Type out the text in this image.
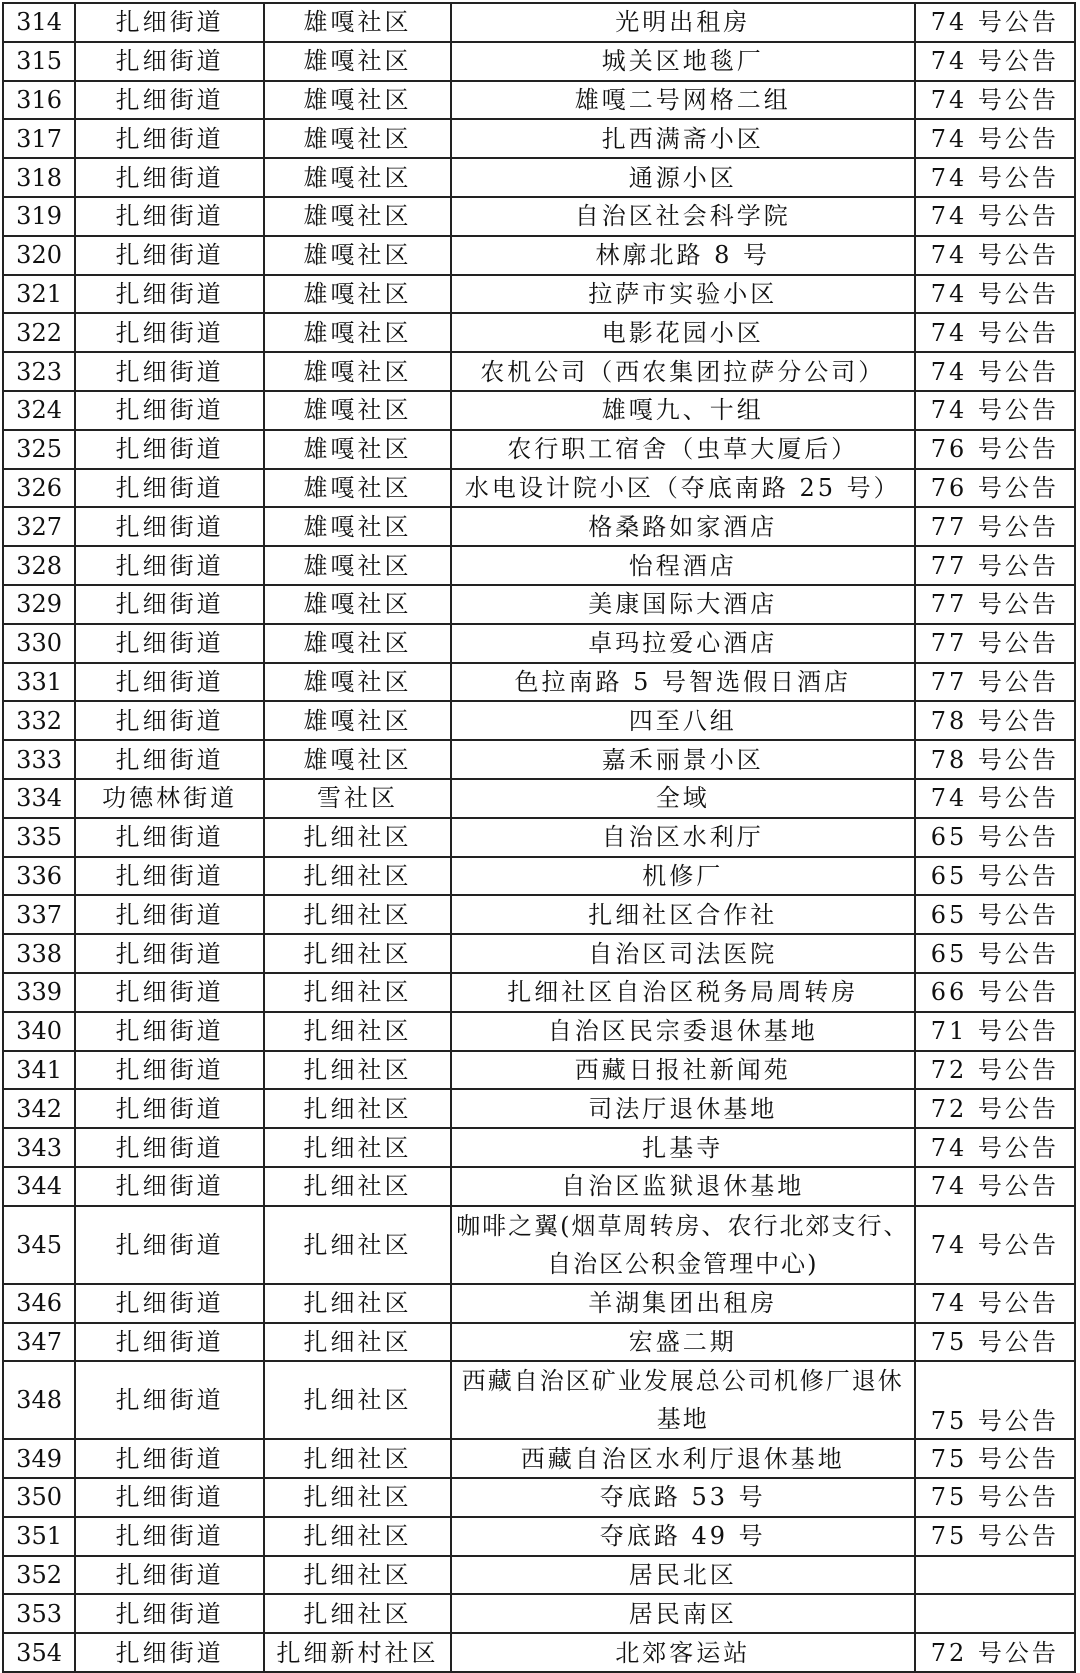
314	扎细街道	雄嘎社区	光明出租房	74 号公告
315	扎细街道	雄嘎社区	城关区地毯厂	74 号公告
316	扎细街道	雄嘎社区	雄嘎二号网格二组	74 号公告
317	扎细街道	雄嘎社区	扎西满斋小区	74 号公告
318	扎细街道	雄嘎社区	通源小区	74 号公告
319	扎细街道	雄嘎社区	自治区社会科学院	74 号公告
320	扎细街道	雄嘎社区	林廓北路 8 号	74 号公告
321	扎细街道	雄嘎社区	拉萨市实验小区	74 号公告
322	扎细街道	雄嘎社区	电影花园小区	74 号公告
323	扎细街道	雄嘎社区	农机公司（西农集团拉萨分公司）	74 号公告
324	扎细街道	雄嘎社区	雄嘎九、十组	74 号公告
325	扎细街道	雄嘎社区	农行职工宿舍（虫草大厦后）	76 号公告
326	扎细街道	雄嘎社区	水电设计院小区（夺底南路 25 号）	76 号公告
327	扎细街道	雄嘎社区	格桑路如家酒店	77 号公告
328	扎细街道	雄嘎社区	怡程酒店	77 号公告
329	扎细街道	雄嘎社区	美康国际大酒店	77 号公告
330	扎细街道	雄嘎社区	卓玛拉爱心酒店	77 号公告
331	扎细街道	雄嘎社区	色拉南路 5 号智选假日酒店	77 号公告
332	扎细街道	雄嘎社区	四至八组	78 号公告
333	扎细街道	雄嘎社区	嘉禾丽景小区	78 号公告
334	功德林街道	雪社区	全域	74 号公告
335	扎细街道	扎细社区	自治区水利厅	65 号公告
336	扎细街道	扎细社区	机修厂	65 号公告
337	扎细街道	扎细社区	扎细社区合作社	65 号公告
338	扎细街道	扎细社区	自治区司法医院	65 号公告
339	扎细街道	扎细社区	扎细社区自治区税务局周转房	66 号公告
340	扎细街道	扎细社区	自治区民宗委退休基地	71 号公告
341	扎细街道	扎细社区	西藏日报社新闻苑	72 号公告
342	扎细街道	扎细社区	司法厅退休基地	72 号公告
343	扎细街道	扎细社区	扎基寺	74 号公告
344	扎细街道	扎细社区	自治区监狱退休基地	74 号公告
345	扎细街道	扎细社区	咖啡之翼(烟草周转房、农行北郊支行、自治区公积金管理中心)	74 号公告
346	扎细街道	扎细社区	羊湖集团出租房	74 号公告
347	扎细街道	扎细社区	宏盛二期	75 号公告
348	扎细街道	扎细社区	西藏自治区矿业发展总公司机修厂退休基地	75 号公告
349	扎细街道	扎细社区	西藏自治区水利厅退休基地	75 号公告
350	扎细街道	扎细社区	夺底路 53 号	75 号公告
351	扎细街道	扎细社区	夺底路 49 号	75 号公告
352	扎细街道	扎细社区	居民北区	
353	扎细街道	扎细社区	居民南区	
354	扎细街道	扎细新村社区	北郊客运站	72 号公告
